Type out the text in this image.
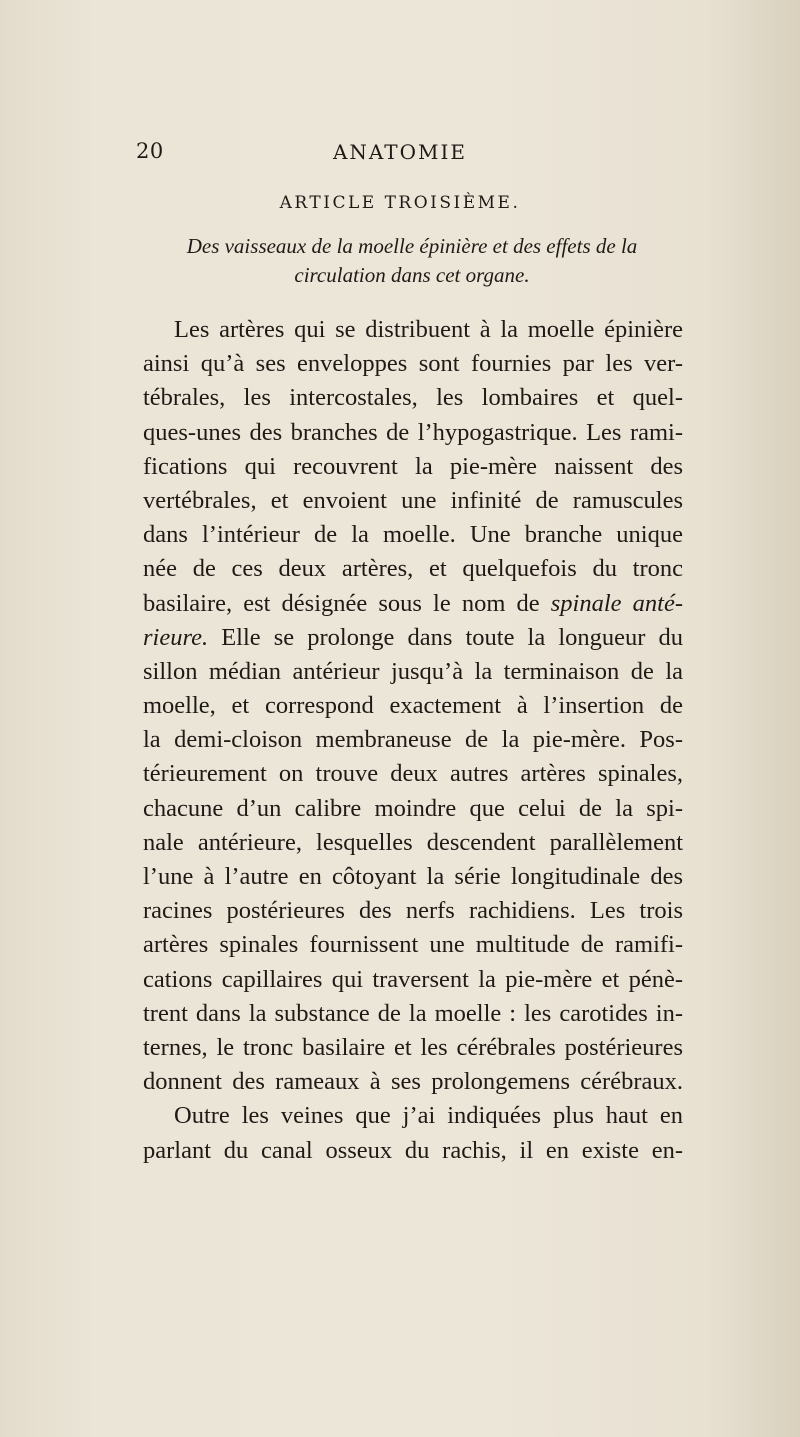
20	ANATOMIE
ARTICLE TROISIÈME.
Des vaisseaux de la moelle épinière et des effets de la
circulation dans cet organe.
Les artères qui se distribuent à la moelle épinière
ainsi qu’à ses enveloppes sont fournies par les ver-
tébrales, les intercostales, les lombaires et quel-
ques-unes des branches de l’hypogastrique. Les rami-
fications qui recouvrent la pie-mère naissent des
vertébrales, et envoient une infinité de ramuscules
dans l’intérieur de la moelle. Une branche unique
née de ces deux artères, et quelquefois du tronc
basilaire, est désignée sous le nom de spinale anté-
rieure. Elle se prolonge dans toute la longueur du
sillon médian antérieur jusqu’à la terminaison de la
moelle, et correspond exactement à l’insertion de
la demi-cloison membraneuse de la pie-mère. Pos-
térieurement on trouve deux autres artères spinales,
chacune d’un calibre moindre que celui de la spi-
nale antérieure, lesquelles descendent parallèlement
l’une à l’autre en côtoyant la série longitudinale des
racines postérieures des nerfs rachidiens. Les trois
artères spinales fournissent une multitude de ramifi-
cations capillaires qui traversent la pie-mère et pénè-
trent dans la substance de la moelle : les carotides in-
ternes, le tronc basilaire et les cérébrales postérieures
donnent des rameaux à ses prolongemens cérébraux.
Outre les veines que j’ai indiquées plus haut en
parlant du canal osseux du rachis, il en existe en-
